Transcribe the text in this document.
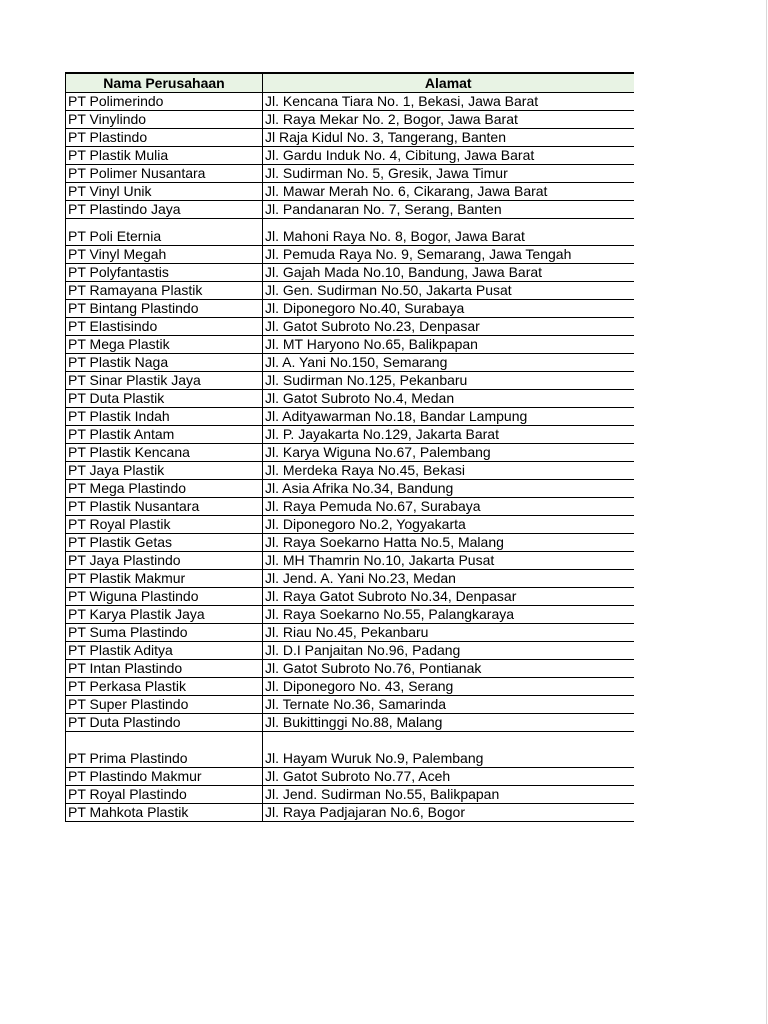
Nama Perusahaan	Alamat
PT Polimerindo	Jl. Kencana Tiara No. 1, Bekasi, Jawa Barat
PT Vinylindo	Jl. Raya Mekar No. 2, Bogor, Jawa Barat
PT Plastindo	Jl Raja Kidul No. 3, Tangerang, Banten
PT Plastik Mulia	Jl. Gardu Induk No. 4, Cibitung, Jawa Barat
PT Polimer Nusantara	Jl. Sudirman No. 5, Gresik, Jawa Timur
PT Vinyl Unik	Jl. Mawar Merah No. 6, Cikarang, Jawa Barat
PT Plastindo Jaya	Jl. Pandanaran No. 7, Serang, Banten
PT Poli Eternia	Jl. Mahoni Raya No. 8, Bogor, Jawa Barat
PT Vinyl Megah	Jl. Pemuda Raya No. 9, Semarang, Jawa Tengah
PT Polyfantastis	Jl. Gajah Mada No.10, Bandung, Jawa Barat
PT Ramayana Plastik	Jl. Gen. Sudirman No.50, Jakarta Pusat
PT Bintang Plastindo	Jl. Diponegoro No.40, Surabaya
PT Elastisindo	Jl. Gatot Subroto No.23, Denpasar
PT Mega Plastik	Jl. MT Haryono No.65, Balikpapan
PT Plastik Naga	Jl. A. Yani No.150, Semarang
PT Sinar Plastik Jaya	Jl. Sudirman No.125, Pekanbaru
PT Duta Plastik	Jl. Gatot Subroto No.4, Medan
PT Plastik Indah	Jl. Adityawarman No.18, Bandar Lampung
PT Plastik Antam	Jl. P. Jayakarta No.129, Jakarta Barat
PT Plastik Kencana	Jl. Karya Wiguna No.67, Palembang
PT Jaya Plastik	Jl. Merdeka Raya No.45, Bekasi
PT Mega Plastindo	Jl. Asia Afrika No.34, Bandung
PT Plastik Nusantara	Jl. Raya Pemuda No.67, Surabaya
PT Royal Plastik	Jl. Diponegoro No.2, Yogyakarta
PT Plastik Getas	Jl. Raya Soekarno Hatta No.5, Malang
PT Jaya Plastindo	Jl. MH Thamrin No.10, Jakarta Pusat
PT Plastik Makmur	Jl. Jend. A. Yani No.23, Medan
PT Wiguna Plastindo	Jl. Raya Gatot Subroto No.34, Denpasar
PT Karya Plastik Jaya	Jl. Raya Soekarno No.55, Palangkaraya
PT Suma Plastindo	Jl. Riau No.45, Pekanbaru
PT Plastik Aditya	Jl. D.I Panjaitan No.96, Padang
PT Intan Plastindo	Jl. Gatot Subroto No.76, Pontianak
PT Perkasa Plastik	Jl. Diponegoro No. 43, Serang
PT Super Plastindo	Jl. Ternate No.36, Samarinda
PT Duta Plastindo	Jl. Bukittinggi No.88, Malang
PT Prima Plastindo	Jl. Hayam Wuruk No.9, Palembang
PT Plastindo Makmur	Jl. Gatot Subroto No.77, Aceh
PT Royal Plastindo	Jl. Jend. Sudirman No.55, Balikpapan
PT Mahkota Plastik	Jl. Raya Padjajaran No.6, Bogor
